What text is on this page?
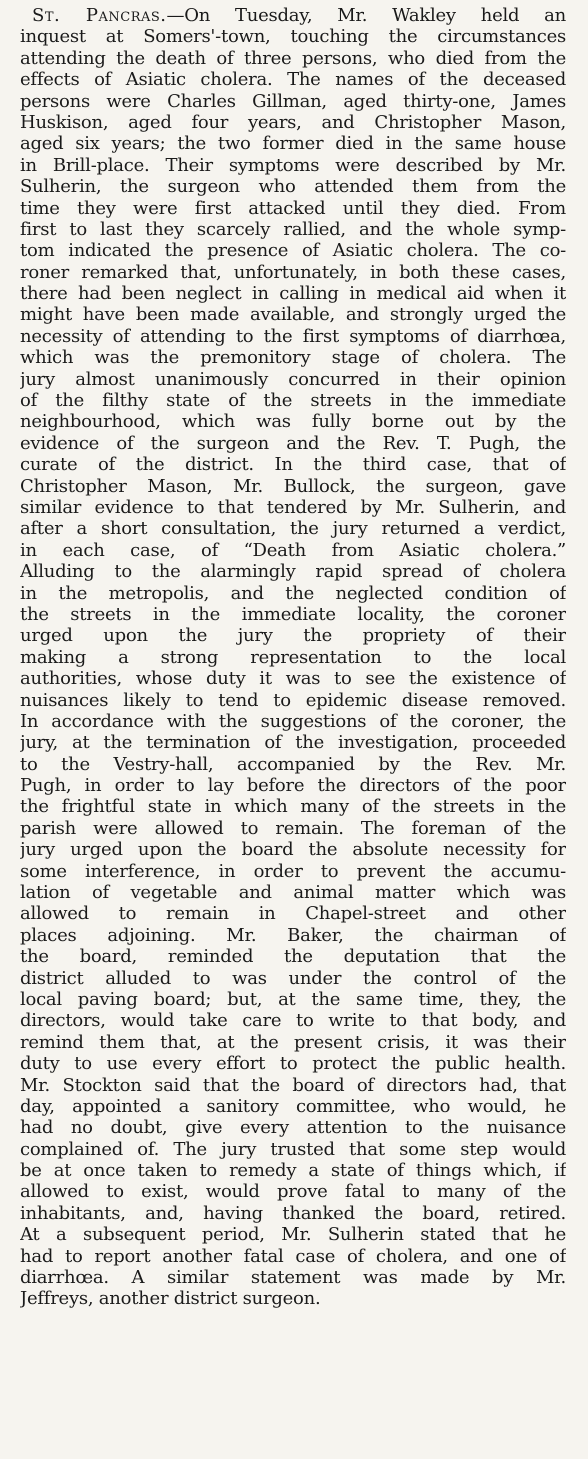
St. Pancras.—On Tuesday, Mr. Wakley held an
inquest at Somers'-town, touching the circumstances
attending the death of three persons, who died from the
effects of Asiatic cholera. The names of the deceased
persons were Charles Gillman, aged thirty-one, James
Huskison, aged four years, and Christopher Mason,
aged six years; the two former died in the same house
in Brill-place. Their symptoms were described by Mr.
Sulherin, the surgeon who attended them from the
time they were first attacked until they died. From
first to last they scarcely rallied, and the whole symp-
tom indicated the presence of Asiatic cholera. The co-
roner remarked that, unfortunately, in both these cases,
there had been neglect in calling in medical aid when it
might have been made available, and strongly urged the
necessity of attending to the first symptoms of diarrhœa,
which was the premonitory stage of cholera. The
jury almost unanimously concurred in their opinion
of the filthy state of the streets in the immediate
neighbourhood, which was fully borne out by the
evidence of the surgeon and the Rev. T. Pugh, the
curate of the district. In the third case, that of
Christopher Mason, Mr. Bullock, the surgeon, gave
similar evidence to that tendered by Mr. Sulherin, and
after a short consultation, the jury returned a verdict,
in each case, of “Death from Asiatic cholera.”
Alluding to the alarmingly rapid spread of cholera
in the metropolis, and the neglected condition of
the streets in the immediate locality, the coroner
urged upon the jury the propriety of their
making a strong representation to the local
authorities, whose duty it was to see the existence of
nuisances likely to tend to epidemic disease removed.
In accordance with the suggestions of the coroner, the
jury, at the termination of the investigation, proceeded
to the Vestry-hall, accompanied by the Rev. Mr.
Pugh, in order to lay before the directors of the poor
the frightful state in which many of the streets in the
parish were allowed to remain. The foreman of the
jury urged upon the board the absolute necessity for
some interference, in order to prevent the accumu-
lation of vegetable and animal matter which was
allowed to remain in Chapel-street and other
places adjoining. Mr. Baker, the chairman of
the board, reminded the deputation that the
district alluded to was under the control of the
local paving board; but, at the same time, they, the
directors, would take care to write to that body, and
remind them that, at the present crisis, it was their
duty to use every effort to protect the public health.
Mr. Stockton said that the board of directors had, that
day, appointed a sanitory committee, who would, he
had no doubt, give every attention to the nuisance
complained of. The jury trusted that some step would
be at once taken to remedy a state of things which, if
allowed to exist, would prove fatal to many of the
inhabitants, and, having thanked the board, retired.
At a subsequent period, Mr. Sulherin stated that he
had to report another fatal case of cholera, and one of
diarrhœa. A similar statement was made by Mr.
Jeffreys, another district surgeon.
